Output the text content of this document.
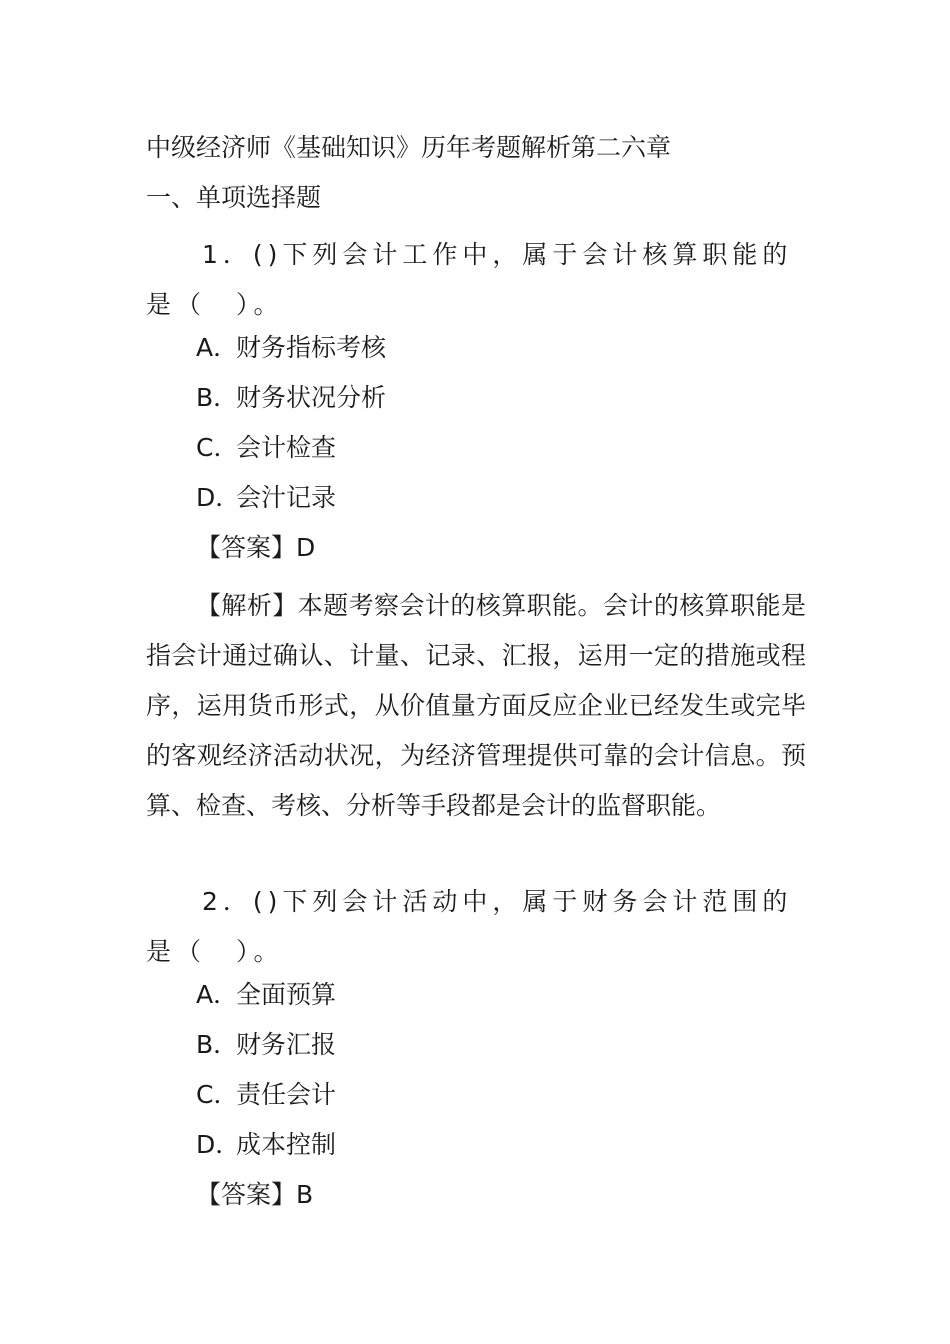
中级经济师《基础知识》历年考题解析第二六章
一、单项选择题
1．()下列会计工作中，属于会计核算职能的是（　）。
A．财务指标考核
B．财务状况分析
C．会计检查
D．会汁记录
【答案】D
【解析】本题考察会计的核算职能。会计的核算职能是指会计通过确认、计量、记录、汇报，运用一定的措施或程序，运用货币形式，从价值量方面反应企业已经发生或完毕的客观经济活动状况，为经济管理提供可靠的会计信息。预算、检查、考核、分析等手段都是会计的监督职能。
2．()下列会计活动中，属于财务会计范围的是（　）。
A．全面预算
B．财务汇报
C．责任会计
D．成本控制
【答案】B
